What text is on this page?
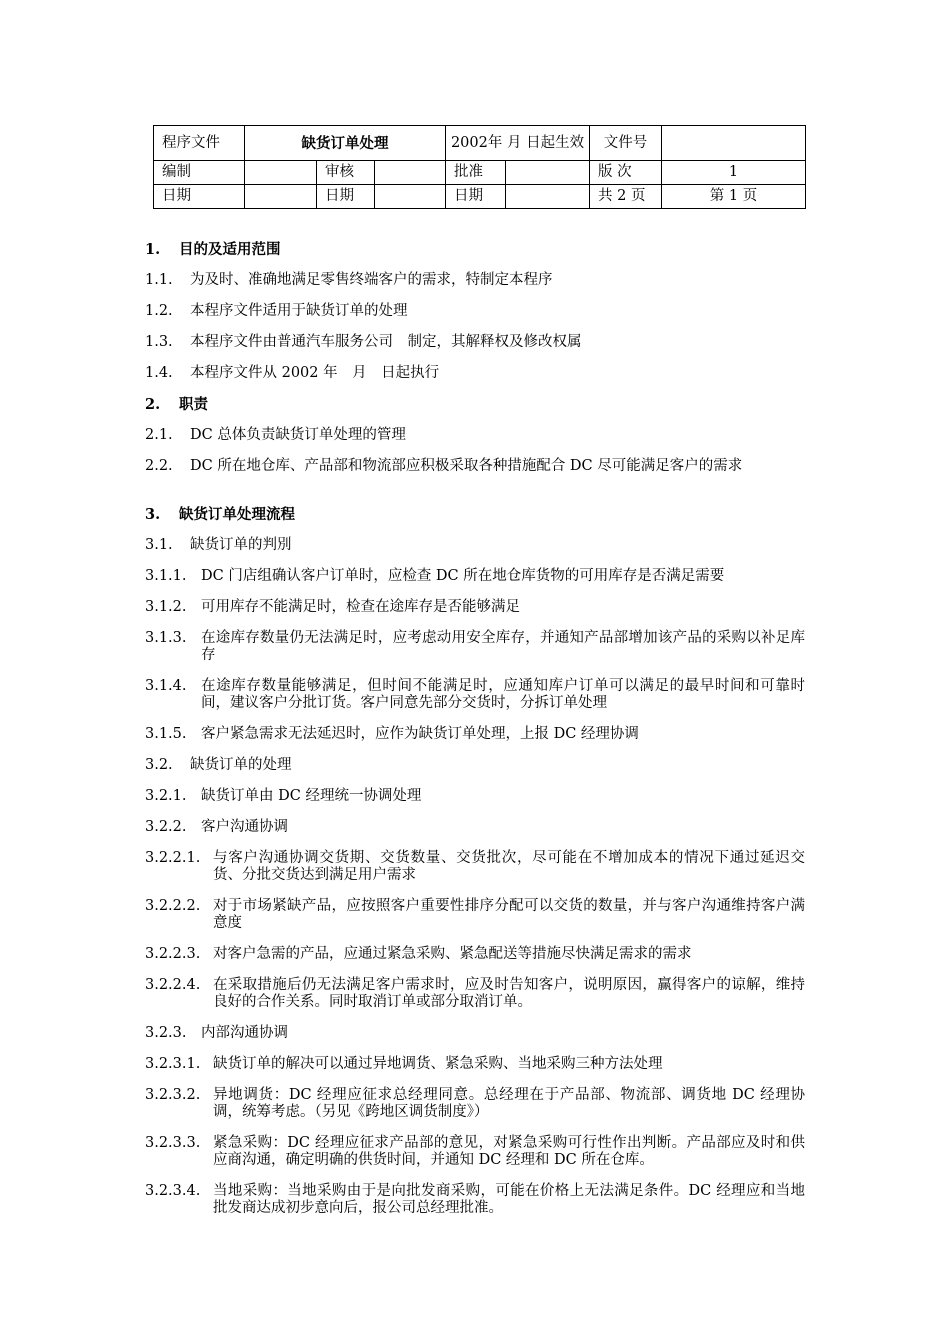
程序文件	缺货订单处理			2002年 月 日起生效		文件号	
编制		审核		批准		版 次	1
日期		日期		日期		共 2 页	第 1 页
1. 目的及适用范围
1.1. 为及时、准确地满足零售终端客户的需求，特制定本程序
1.2. 本程序文件适用于缺货订单的处理
1.3. 本程序文件由普通汽车服务公司　制定，其解释权及修改权属
1.4. 本程序文件从 2002 年　月　日起执行
2. 职责
2.1. DC 总体负责缺货订单处理的管理
2.2. DC 所在地仓库、产品部和物流部应积极采取各种措施配合 DC 尽可能满足客户的需求
3. 缺货订单处理流程
3.1. 缺货订单的判別
3.1.1. DC 门店组确认客户订单时，应检查 DC 所在地仓库货物的可用库存是否满足需要
3.1.2. 可用库存不能满足时，检查在途库存是否能够满足
3.1.3. 在途库存数量仍无法满足时，应考虑动用安全库存，并通知产品部增加该产品的采购以补足库存
3.1.4. 在途库存数量能够满足，但时间不能满足时，应通知库户订单可以满足的最早时间和可靠时间，建议客户分批订货。客户同意先部分交货时，分拆订单处理
3.1.5. 客户紧急需求无法延迟时，应作为缺货订单处理，上报 DC 经理协调
3.2. 缺货订单的处理
3.2.1. 缺货订单由 DC 经理统一协调处理
3.2.2. 客户沟通协调
3.2.2.1. 与客户沟通协调交货期、交货数量、交货批次，尽可能在不增加成本的情况下通过延迟交货、分批交货达到满足用户需求
3.2.2.2. 对于市场紧缺产品，应按照客户重要性排序分配可以交货的数量，并与客户沟通维持客户满意度
3.2.2.3. 对客户急需的产品，应通过紧急采购、紧急配送等措施尽快满足需求的需求
3.2.2.4. 在采取措施后仍无法满足客户需求时，应及时告知客户，说明原因，赢得客户的谅解，维持良好的合作关系。同时取消订单或部分取消订单。
3.2.3. 内部沟通协调
3.2.3.1. 缺货订单的解决可以通过异地调货、紧急采购、当地采购三种方法处理
3.2.3.2. 异地调货：DC 经理应征求总经理同意。总经理在于产品部、物流部、调货地 DC 经理协调，统筹考虑。（另见《跨地区调货制度》）
3.2.3.3. 紧急采购：DC 经理应征求产品部的意见，对紧急采购可行性作出判断。产品部应及时和供应商沟通，确定明确的供货时间，并通知 DC 经理和 DC 所在仓库。
3.2.3.4. 当地采购：当地采购由于是向批发商采购，可能在价格上无法满足条件。DC 经理应和当地批发商达成初步意向后，报公司总经理批准。
